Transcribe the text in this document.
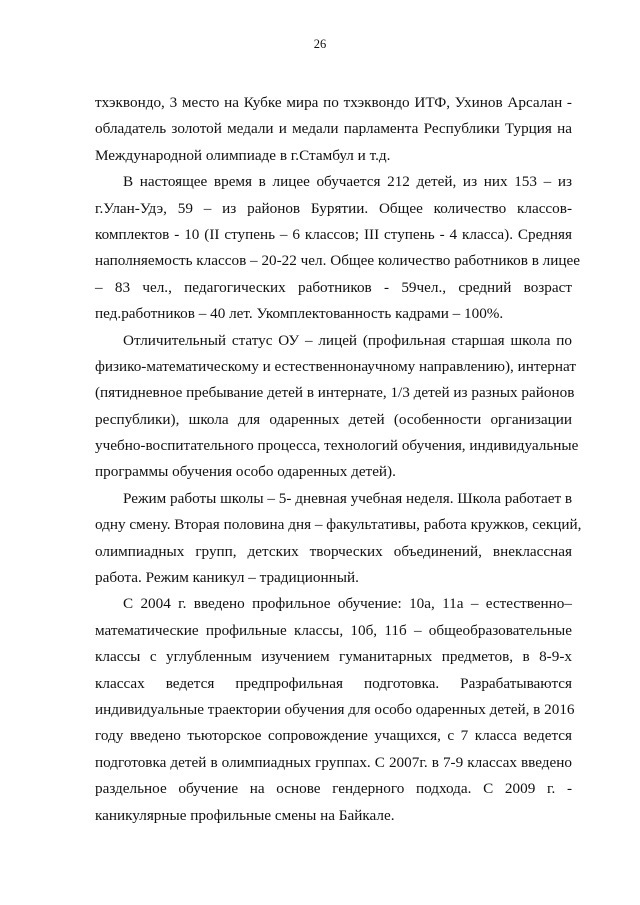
26
тхэквондо, 3 место на Кубке мира по тхэквондо ИТФ, Ухинов Арсалан -
обладатель золотой медали и медали парламента Республики Турция на
Международной олимпиаде в г.Стамбул и т.д.
В настоящее время в лицее обучается 212 детей, из них 153 – из
г.Улан-Удэ, 59 – из районов Бурятии. Общее количество классов-
комплектов - 10 (II ступень – 6 классов; III ступень - 4 класса). Средняя
наполняемость классов – 20-22 чел. Общее количество работников в лицее
– 83 чел., педагогических работников - 59чел., средний возраст
пед.работников – 40 лет. Укомплектованность кадрами – 100%.
Отличительный статус ОУ – лицей (профильная старшая школа по
физико-математическому и естественнонаучному направлению), интернат
(пятидневное пребывание детей в интернате, 1/3 детей из разных районов
республики), школа для одаренных детей (особенности организации
учебно-воспитательного процесса, технологий обучения, индивидуальные
программы обучения особо одаренных детей).
Режим работы школы – 5- дневная учебная неделя. Школа работает в
одну смену. Вторая половина дня – факультативы, работа кружков, секций,
олимпиадных групп, детских творческих объединений, внеклассная
работа. Режим каникул – традиционный.
С 2004 г. введено профильное обучение: 10а, 11а – естественно–
математические профильные классы, 10б, 11б – общеобразовательные
классы с углубленным изучением гуманитарных предметов, в 8-9-х
классах ведется предпрофильная подготовка. Разрабатываются
индивидуальные траектории обучения для особо одаренных детей, в 2016
году введено тьюторское сопровождение учащихся, с 7 класса ведется
подготовка детей в олимпиадных группах. С 2007г. в 7-9 классах введено
раздельное обучение на основе гендерного подхода. С 2009 г. -
каникулярные профильные смены на Байкале.
